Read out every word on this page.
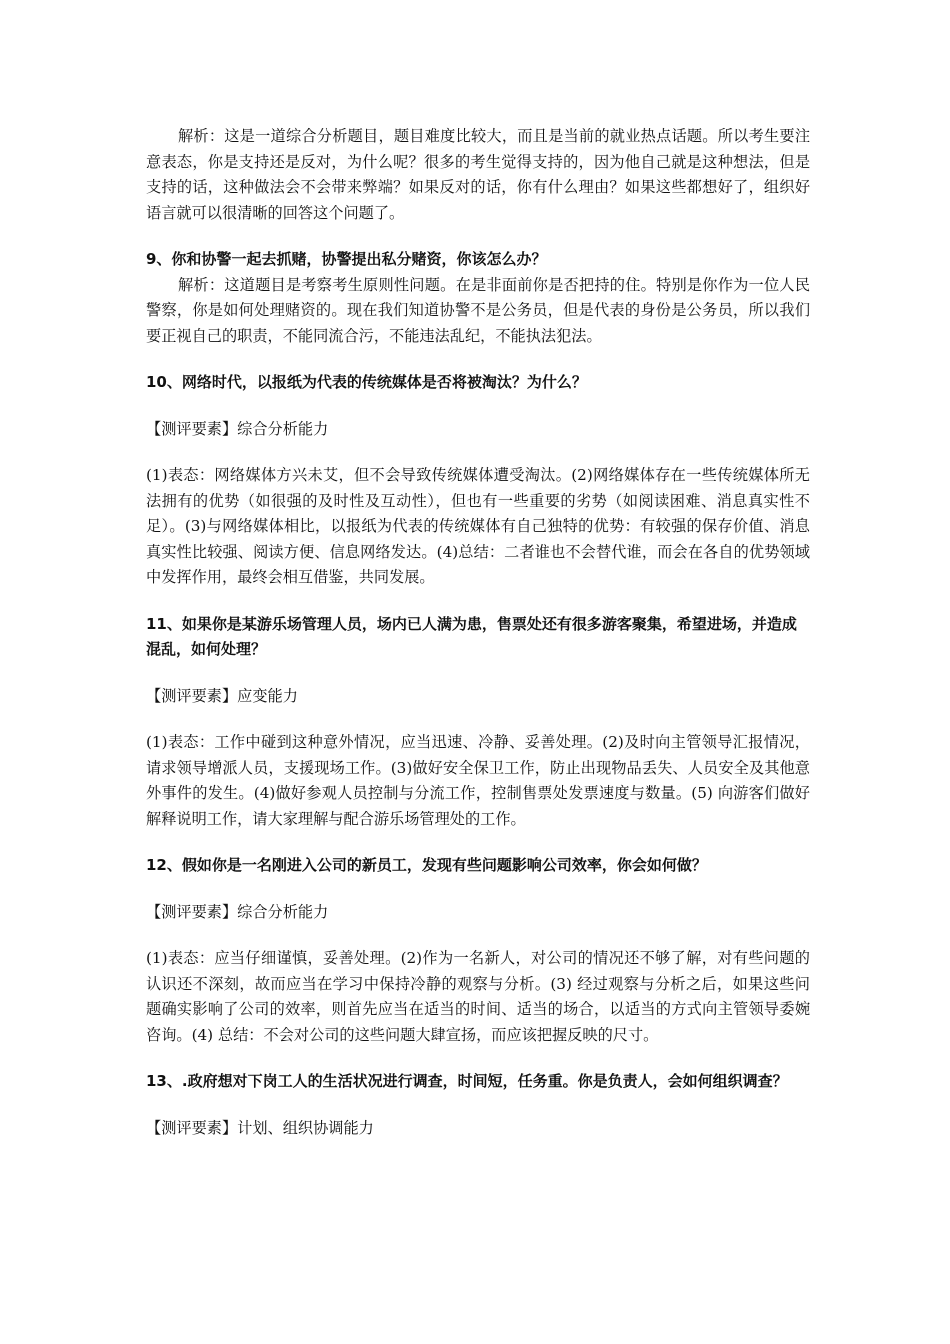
解析：这是一道综合分析题目，题目难度比较大，而且是当前的就业热点话题。所以考生要注意表态，你是支持还是反对，为什么呢？很多的考生觉得支持的，因为他自己就是这种想法，但是支持的话，这种做法会不会带来弊端？如果反对的话，你有什么理由？如果这些都想好了，组织好语言就可以很清晰的回答这个问题了。

9、你和协警一起去抓赌，协警提出私分赌资，你该怎么办？

解析：这道题目是考察考生原则性问题。在是非面前你是否把持的住。特别是你作为一位人民警察，你是如何处理赌资的。现在我们知道协警不是公务员，但是代表的身份是公务员，所以我们要正视自己的职责，不能同流合污，不能违法乱纪，不能执法犯法。

10、网络时代，以报纸为代表的传统媒体是否将被淘汰？为什么？

【测评要素】综合分析能力

(1)表态：网络媒体方兴未艾，但不会导致传统媒体遭受淘汰。(2)网络媒体存在一些传统媒体所无法拥有的优势（如很强的及时性及互动性），但也有一些重要的劣势（如阅读困难、消息真实性不足）。(3)与网络媒体相比，以报纸为代表的传统媒体有自己独特的优势：有较强的保存价值、消息真实性比较强、阅读方便、信息网络发达。(4)总结：二者谁也不会替代谁，而会在各自的优势领域中发挥作用，最终会相互借鉴，共同发展。

11、如果你是某游乐场管理人员，场内已人满为患，售票处还有很多游客聚集，希望进场，并造成混乱，如何处理？

【测评要素】应变能力

(1)表态：工作中碰到这种意外情况，应当迅速、冷静、妥善处理。(2)及时向主管领导汇报情况，请求领导增派人员，支援现场工作。(3)做好安全保卫工作，防止出现物品丢失、人员安全及其他意外事件的发生。(4)做好参观人员控制与分流工作，控制售票处发票速度与数量。(5) 向游客们做好解释说明工作，请大家理解与配合游乐场管理处的工作。

12、假如你是一名刚进入公司的新员工，发现有些问题影响公司效率，你会如何做？

【测评要素】综合分析能力

(1)表态：应当仔细谨慎，妥善处理。(2)作为一名新人，对公司的情况还不够了解，对有些问题的认识还不深刻，故而应当在学习中保持冷静的观察与分析。(3) 经过观察与分析之后，如果这些问题确实影响了公司的效率，则首先应当在适当的时间、适当的场合，以适当的方式向主管领导委婉咨询。(4) 总结：不会对公司的这些问题大肆宣扬，而应该把握反映的尺寸。

13、.政府想对下岗工人的生活状况进行调查，时间短，任务重。你是负责人，会如何组织调查？

【测评要素】计划、组织协调能力
